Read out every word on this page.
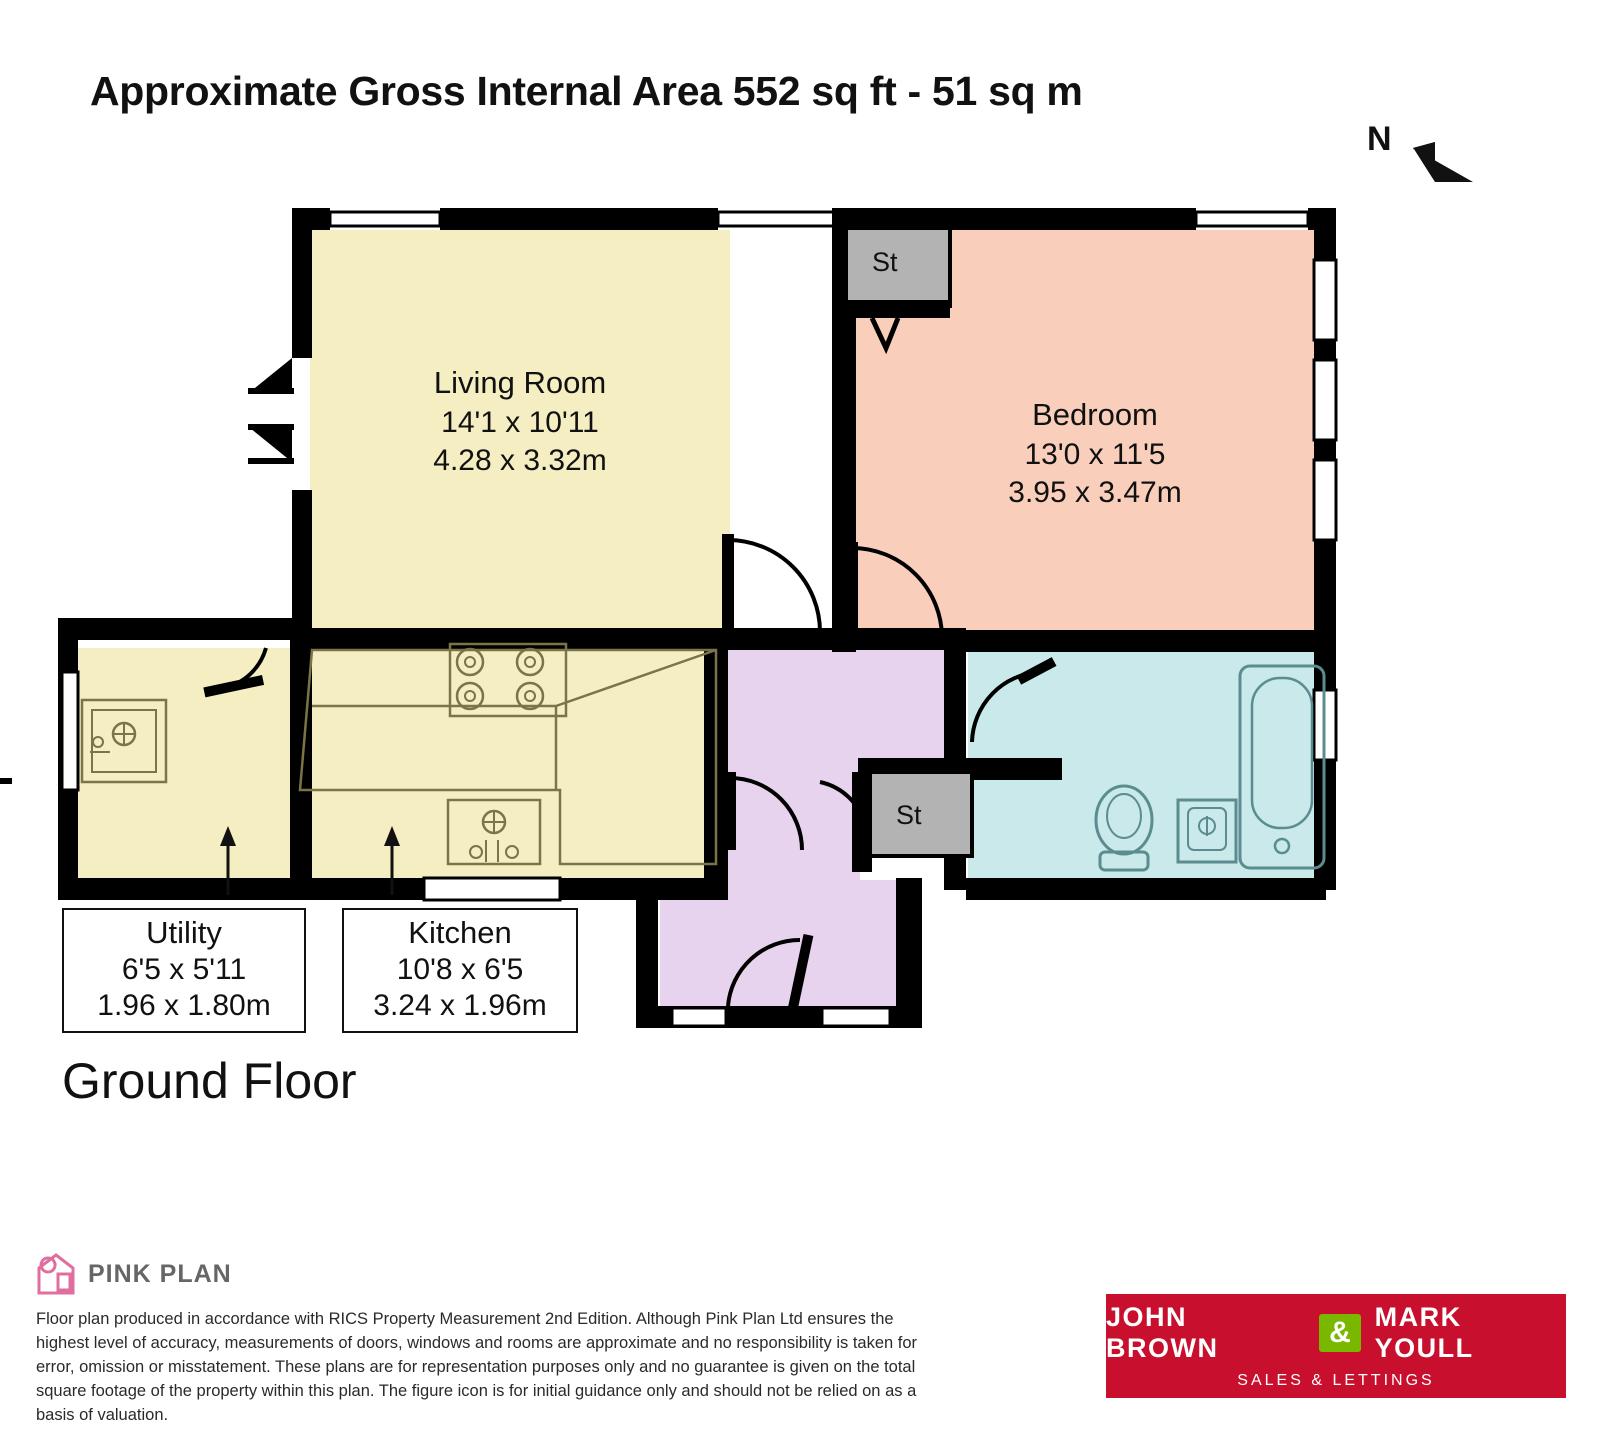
Approximate Gross Internal Area 552 sq ft - 51 sq m
N
Living Room
14'1 x 10'11
4.28 x 3.32m
Bedroom
13'0 x 11'5
3.95 x 3.47m
St
St
Utility
6'5 x 5'11
1.96 x 1.80m
Kitchen
10'8 x 6'5
3.24 x 1.96m
Ground Floor
PINK PLAN
Floor plan produced in accordance with RICS Property Measurement 2nd Edition. Although Pink Plan Ltd ensures the highest level of accuracy, measurements of doors, windows and rooms are approximate and no responsibility is taken for error, omission or misstatement. These plans are for representation purposes only and no guarantee is given on the total square footage of the property within this plan. The figure icon is for initial guidance only and should not be relied on as a basis of valuation.
JOHN BROWN	& MARK YOULL
SALES & LETTINGS
